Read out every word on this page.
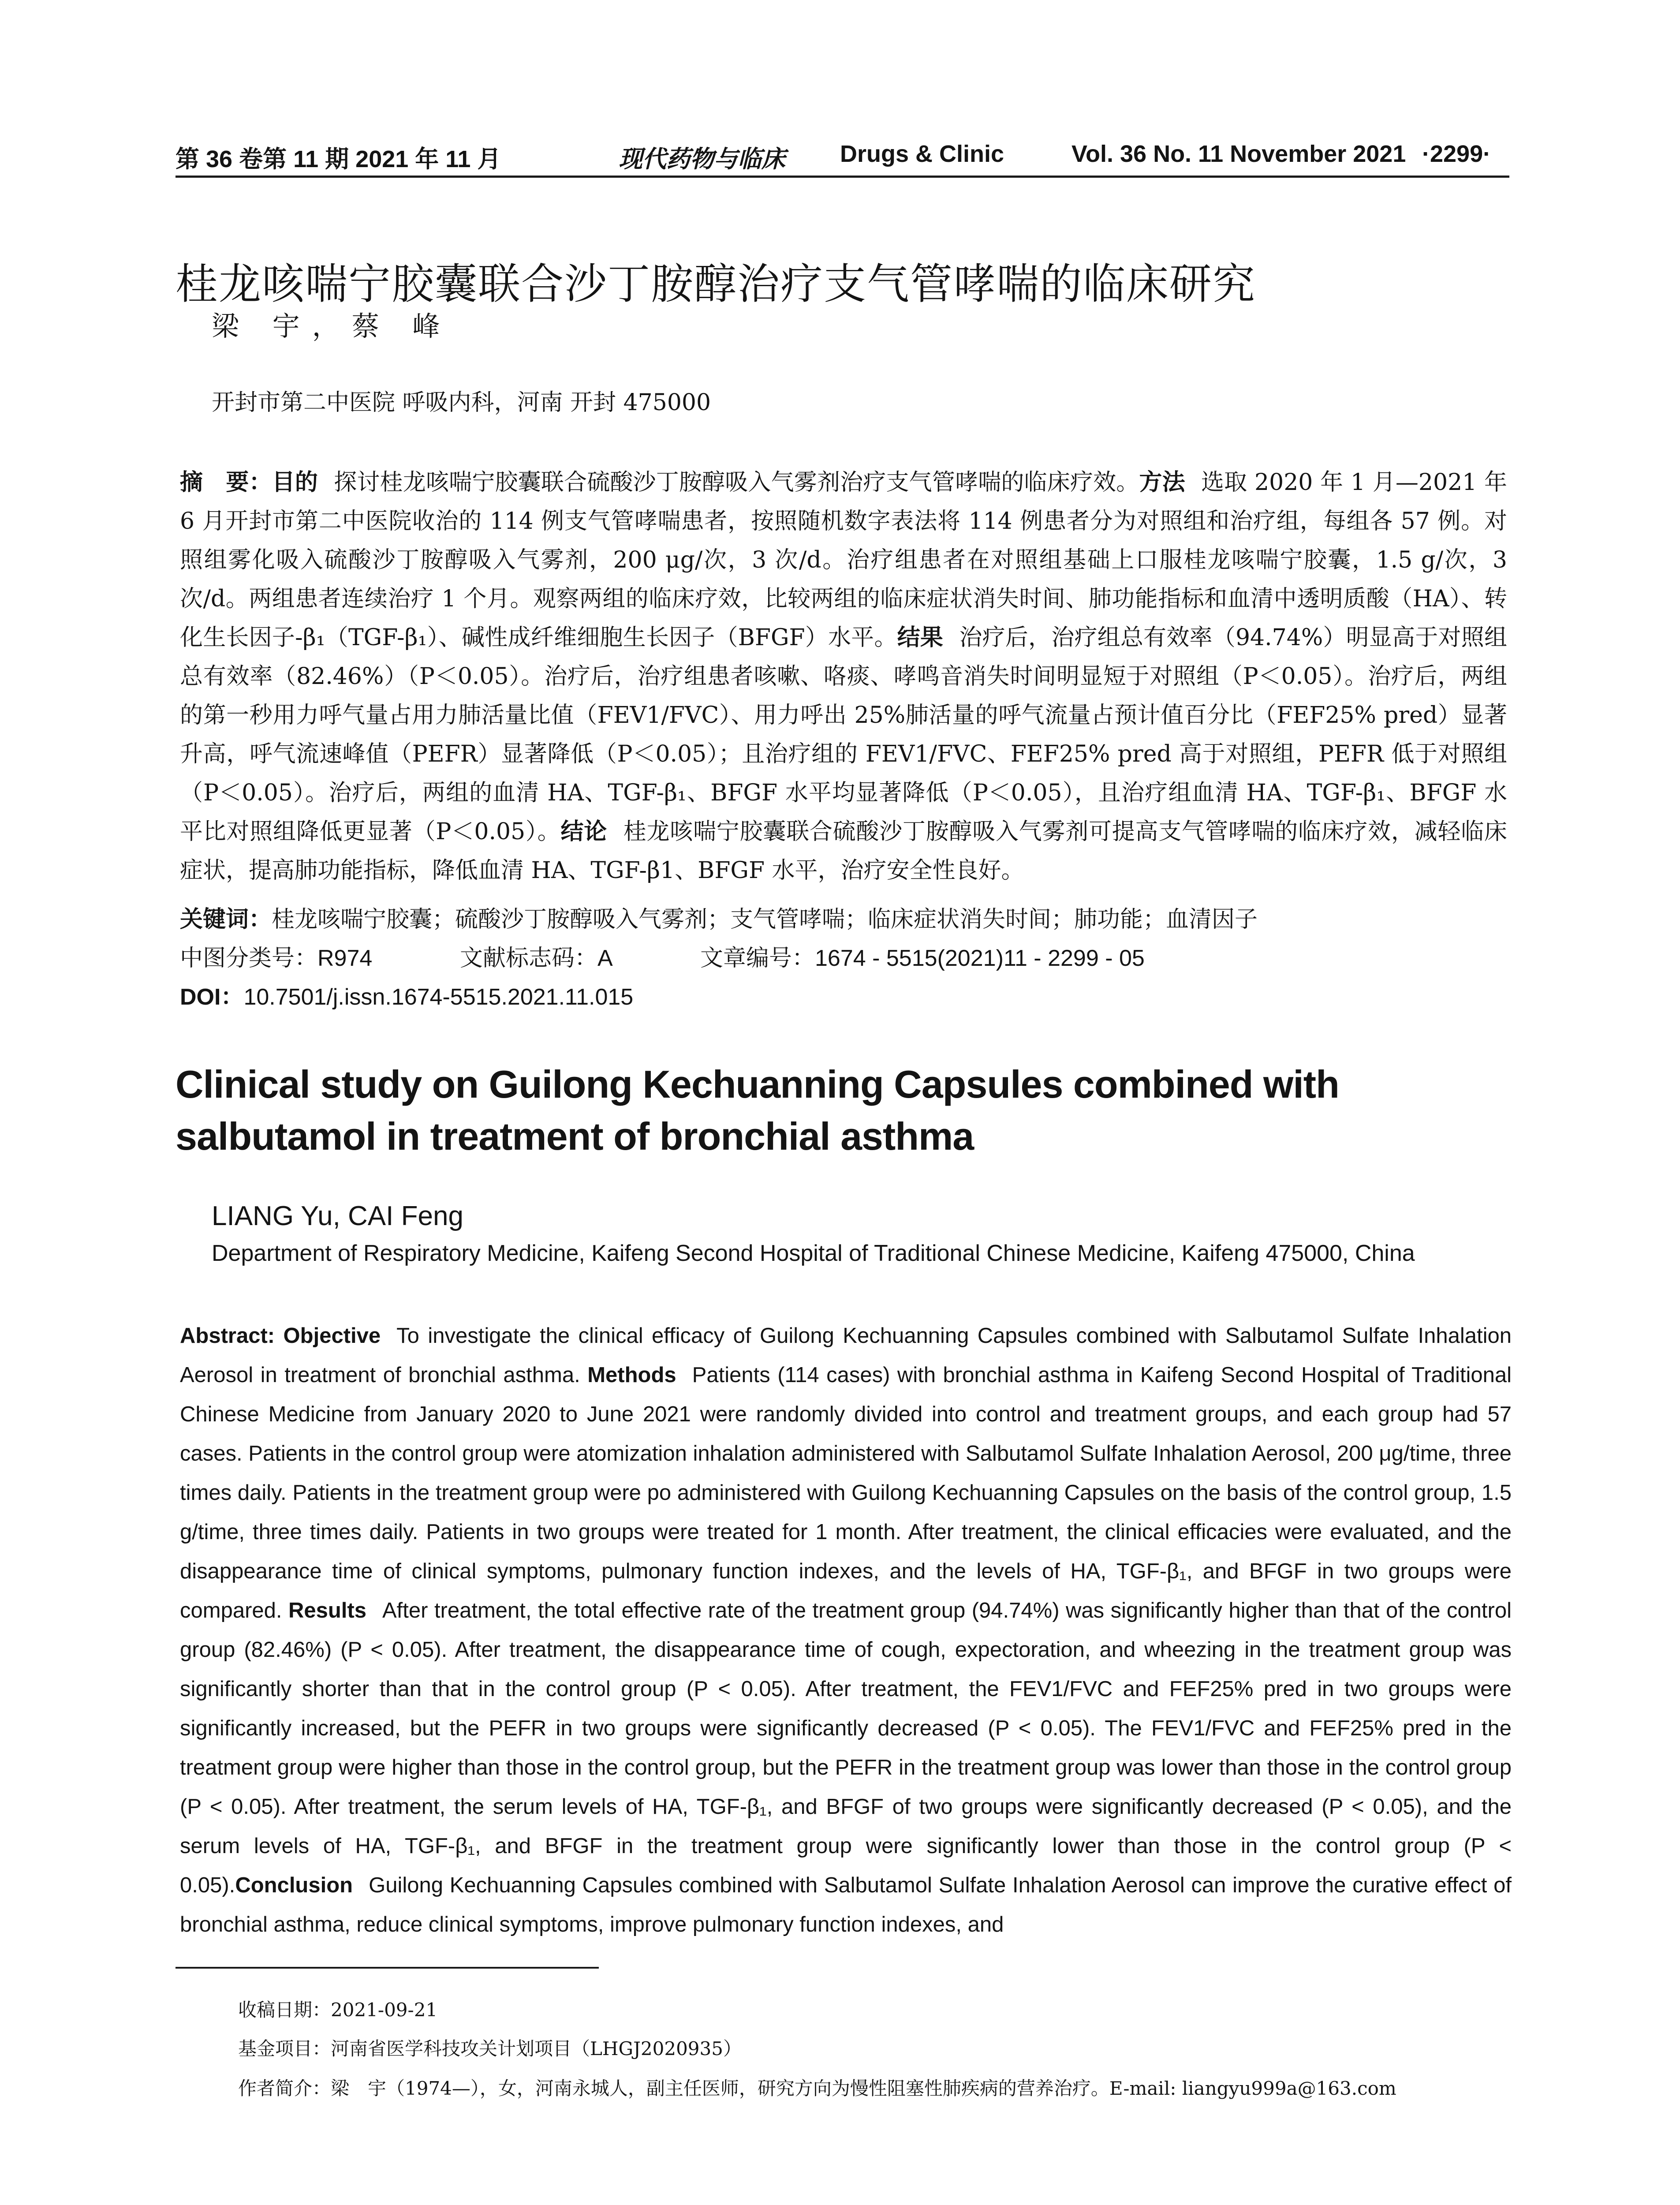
第 36 卷第 11 期 2021 年 11 月	现代药物与临床 Drugs & Clinic	Vol. 36 No. 11 November 2021 ·2299·
桂龙咳喘宁胶囊联合沙丁胺醇治疗支气管哮喘的临床研究
梁 宇，蔡 峰
开封市第二中医院 呼吸内科，河南 开封 475000
摘　要：目的 探讨桂龙咳喘宁胶囊联合硫酸沙丁胺醇吸入气雾剂治疗支气管哮喘的临床疗效。方法 选取 2020 年 1 月—2021 年 6 月开封市第二中医院收治的 114 例支气管哮喘患者，按照随机数字表法将 114 例患者分为对照组和治疗组，每组各 57 例。对照组雾化吸入硫酸沙丁胺醇吸入气雾剂，200 μg/次，3 次/d。治疗组患者在对照组基础上口服桂龙咳喘宁胶囊，1.5 g/次，3 次/d。两组患者连续治疗 1 个月。观察两组的临床疗效，比较两组的临床症状消失时间、肺功能指标和血清中透明质酸（HA）、转化生长因子-β₁（TGF-β₁）、碱性成纤维细胞生长因子（BFGF）水平。结果 治疗后，治疗组总有效率（94.74%）明显高于对照组总有效率（82.46%）（P＜0.05）。治疗后，治疗组患者咳嗽、咯痰、哮鸣音消失时间明显短于对照组（P＜0.05）。治疗后，两组的第一秒用力呼气量占用力肺活量比值（FEV1/FVC）、用力呼出 25%肺活量的呼气流量占预计值百分比（FEF25% pred）显著升高，呼气流速峰值（PEFR）显著降低（P＜0.05）；且治疗组的 FEV1/FVC、FEF25% pred 高于对照组，PEFR 低于对照组（P＜0.05）。治疗后，两组的血清 HA、TGF-β₁、BFGF 水平均显著降低（P＜0.05），且治疗组血清 HA、TGF-β₁、BFGF 水平比对照组降低更显著（P＜0.05）。结论 桂龙咳喘宁胶囊联合硫酸沙丁胺醇吸入气雾剂可提高支气管哮喘的临床疗效，减轻临床症状，提高肺功能指标，降低血清 HA、TGF-β1、BFGF 水平，治疗安全性良好。
关键词：桂龙咳喘宁胶囊；硫酸沙丁胺醇吸入气雾剂；支气管哮喘；临床症状消失时间；肺功能；血清因子
中图分类号：R974	文献标志码：A	文章编号：1674 - 5515(2021)11 - 2299 - 05
DOI：10.7501/j.issn.1674-5515.2021.11.015
Clinical study on Guilong Kechuanning Capsules combined with salbutamol in treatment of bronchial asthma
LIANG Yu, CAI Feng
Department of Respiratory Medicine, Kaifeng Second Hospital of Traditional Chinese Medicine, Kaifeng 475000, China

Abstract: Objective To investigate the clinical efficacy of Guilong Kechuanning Capsules combined with Salbutamol Sulfate Inhalation Aerosol in treatment of bronchial asthma. Methods Patients (114 cases) with bronchial asthma in Kaifeng Second Hospital of Traditional Chinese Medicine from January 2020 to June 2021 were randomly divided into control and treatment groups, and each group had 57 cases. Patients in the control group were atomization inhalation administered with Salbutamol Sulfate Inhalation Aerosol, 200 μg/time, three times daily. Patients in the treatment group were po administered with Guilong Kechuanning Capsules on the basis of the control group, 1.5 g/time, three times daily. Patients in two groups were treated for 1 month. After treatment, the clinical efficacies were evaluated, and the disappearance time of clinical symptoms, pulmonary function indexes, and the levels of HA, TGF-β₁, and BFGF in two groups were compared. Results After treatment, the total effective rate of the treatment group (94.74%) was significantly higher than that of the control group (82.46%) (P < 0.05). After treatment, the disappearance time of cough, expectoration, and wheezing in the treatment group was significantly shorter than that in the control group (P < 0.05). After treatment, the FEV1/FVC and FEF25% pred in two groups were significantly increased, but the PEFR in two groups were significantly decreased (P < 0.05). The FEV1/FVC and FEF25% pred in the treatment group were higher than those in the control group, but the PEFR in the treatment group was lower than those in the control group (P < 0.05). After treatment, the serum levels of HA, TGF-β₁, and BFGF of two groups were significantly decreased (P < 0.05), and the serum levels of HA, TGF-β₁, and BFGF in the treatment group were significantly lower than those in the control group (P < 0.05).Conclusion Guilong Kechuanning Capsules combined with Salbutamol Sulfate Inhalation Aerosol can improve the curative effect of bronchial asthma, reduce clinical symptoms, improve pulmonary function indexes, and

收稿日期：2021-09-21
基金项目：河南省医学科技攻关计划项目（LHGJ2020935）
作者简介：梁　宇（1974—），女，河南永城人，副主任医师，研究方向为慢性阻塞性肺疾病的营养治疗。E-mail: liangyu999a@163.com
